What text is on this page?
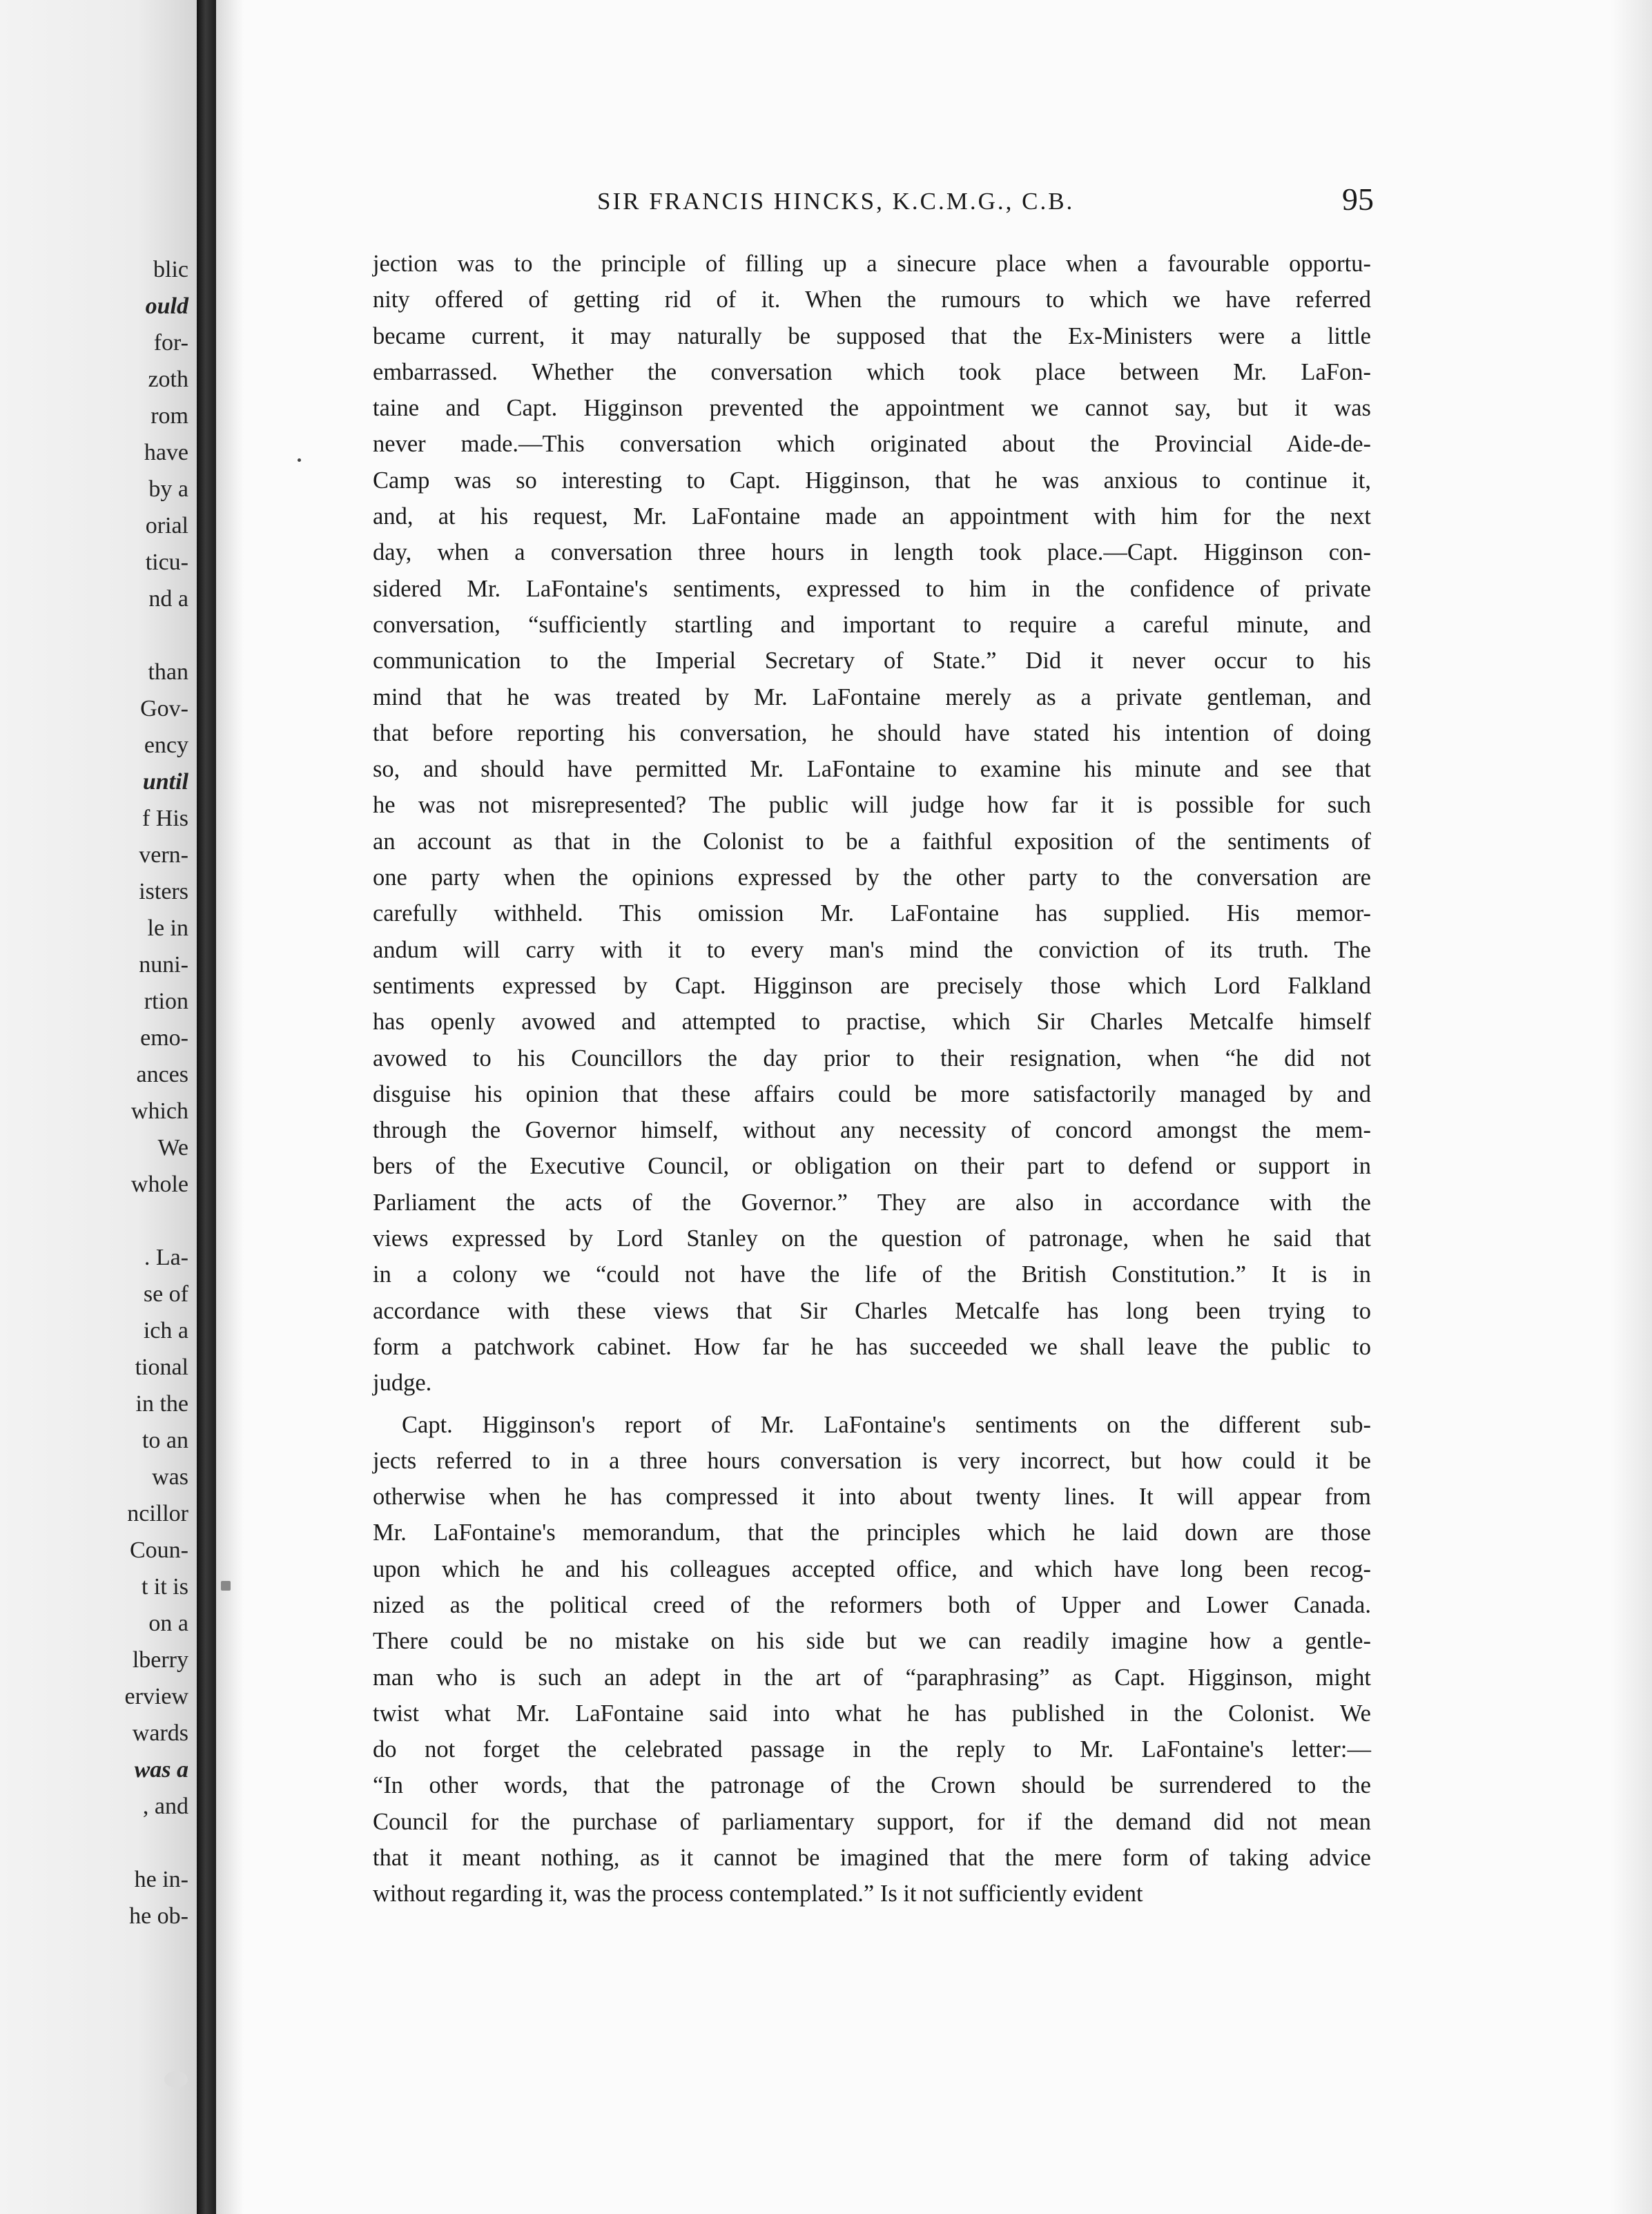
blic
ould
for-
zoth
rom
have
by a
orial
ticu-
nd a
than
Gov-
ency
until
f His
vern-
isters
le in
nuni-
rtion
emo-
ances
which
We
whole
. La-
se of
ich a
tional
in the
to an
was
ncillor
Coun-
t it is
on a
lberry
erview
wards
was a
, and
he in-
he ob-
SIR FRANCIS HINCKS, K.C.M.G., C.B.	95
jection was to the principle of filling up a sinecure place when a favourable opportu-
nity offered of getting rid of it. When the rumours to which we have referred
became current, it may naturally be supposed that the Ex-Ministers were a little
embarrassed. Whether the conversation which took place between Mr. LaFon-
taine and Capt. Higginson prevented the appointment we cannot say, but it was
never made.—This conversation which originated about the Provincial Aide-de-
Camp was so interesting to Capt. Higginson, that he was anxious to continue it,
and, at his request, Mr. LaFontaine made an appointment with him for the next
day, when a conversation three hours in length took place.—Capt. Higginson con-
sidered Mr. LaFontaine's sentiments, expressed to him in the confidence of private
conversation, “sufficiently startling and important to require a careful minute, and
communication to the Imperial Secretary of State.” Did it never occur to his
mind that he was treated by Mr. LaFontaine merely as a private gentleman, and
that before reporting his conversation, he should have stated his intention of doing
so, and should have permitted Mr. LaFontaine to examine his minute and see that
he was not misrepresented? The public will judge how far it is possible for such
an account as that in the Colonist to be a faithful exposition of the sentiments of
one party when the opinions expressed by the other party to the conversation are
carefully withheld. This omission Mr. LaFontaine has supplied. His memor-
andum will carry with it to every man's mind the conviction of its truth. The
sentiments expressed by Capt. Higginson are precisely those which Lord Falkland
has openly avowed and attempted to practise, which Sir Charles Metcalfe himself
avowed to his Councillors the day prior to their resignation, when “he did not
disguise his opinion that these affairs could be more satisfactorily managed by and
through the Governor himself, without any necessity of concord amongst the mem-
bers of the Executive Council, or obligation on their part to defend or support in
Parliament the acts of the Governor.” They are also in accordance with the
views expressed by Lord Stanley on the question of patronage, when he said that
in a colony we “could not have the life of the British Constitution.” It is in
accordance with these views that Sir Charles Metcalfe has long been trying to
form a patchwork cabinet. How far he has succeeded we shall leave the public to
judge.
Capt. Higginson's report of Mr. LaFontaine's sentiments on the different sub-
jects referred to in a three hours conversation is very incorrect, but how could it be
otherwise when he has compressed it into about twenty lines. It will appear from
Mr. LaFontaine's memorandum, that the principles which he laid down are those
upon which he and his colleagues accepted office, and which have long been recog-
nized as the political creed of the reformers both of Upper and Lower Canada.
There could be no mistake on his side but we can readily imagine how a gentle-
man who is such an adept in the art of “paraphrasing” as Capt. Higginson, might
twist what Mr. LaFontaine said into what he has published in the Colonist. We
do not forget the celebrated passage in the reply to Mr. LaFontaine's letter:—
“In other words, that the patronage of the Crown should be surrendered to the
Council for the purchase of parliamentary support, for if the demand did not mean
that it meant nothing, as it cannot be imagined that the mere form of taking advice
without regarding it, was the process contemplated.” Is it not sufficiently evident
